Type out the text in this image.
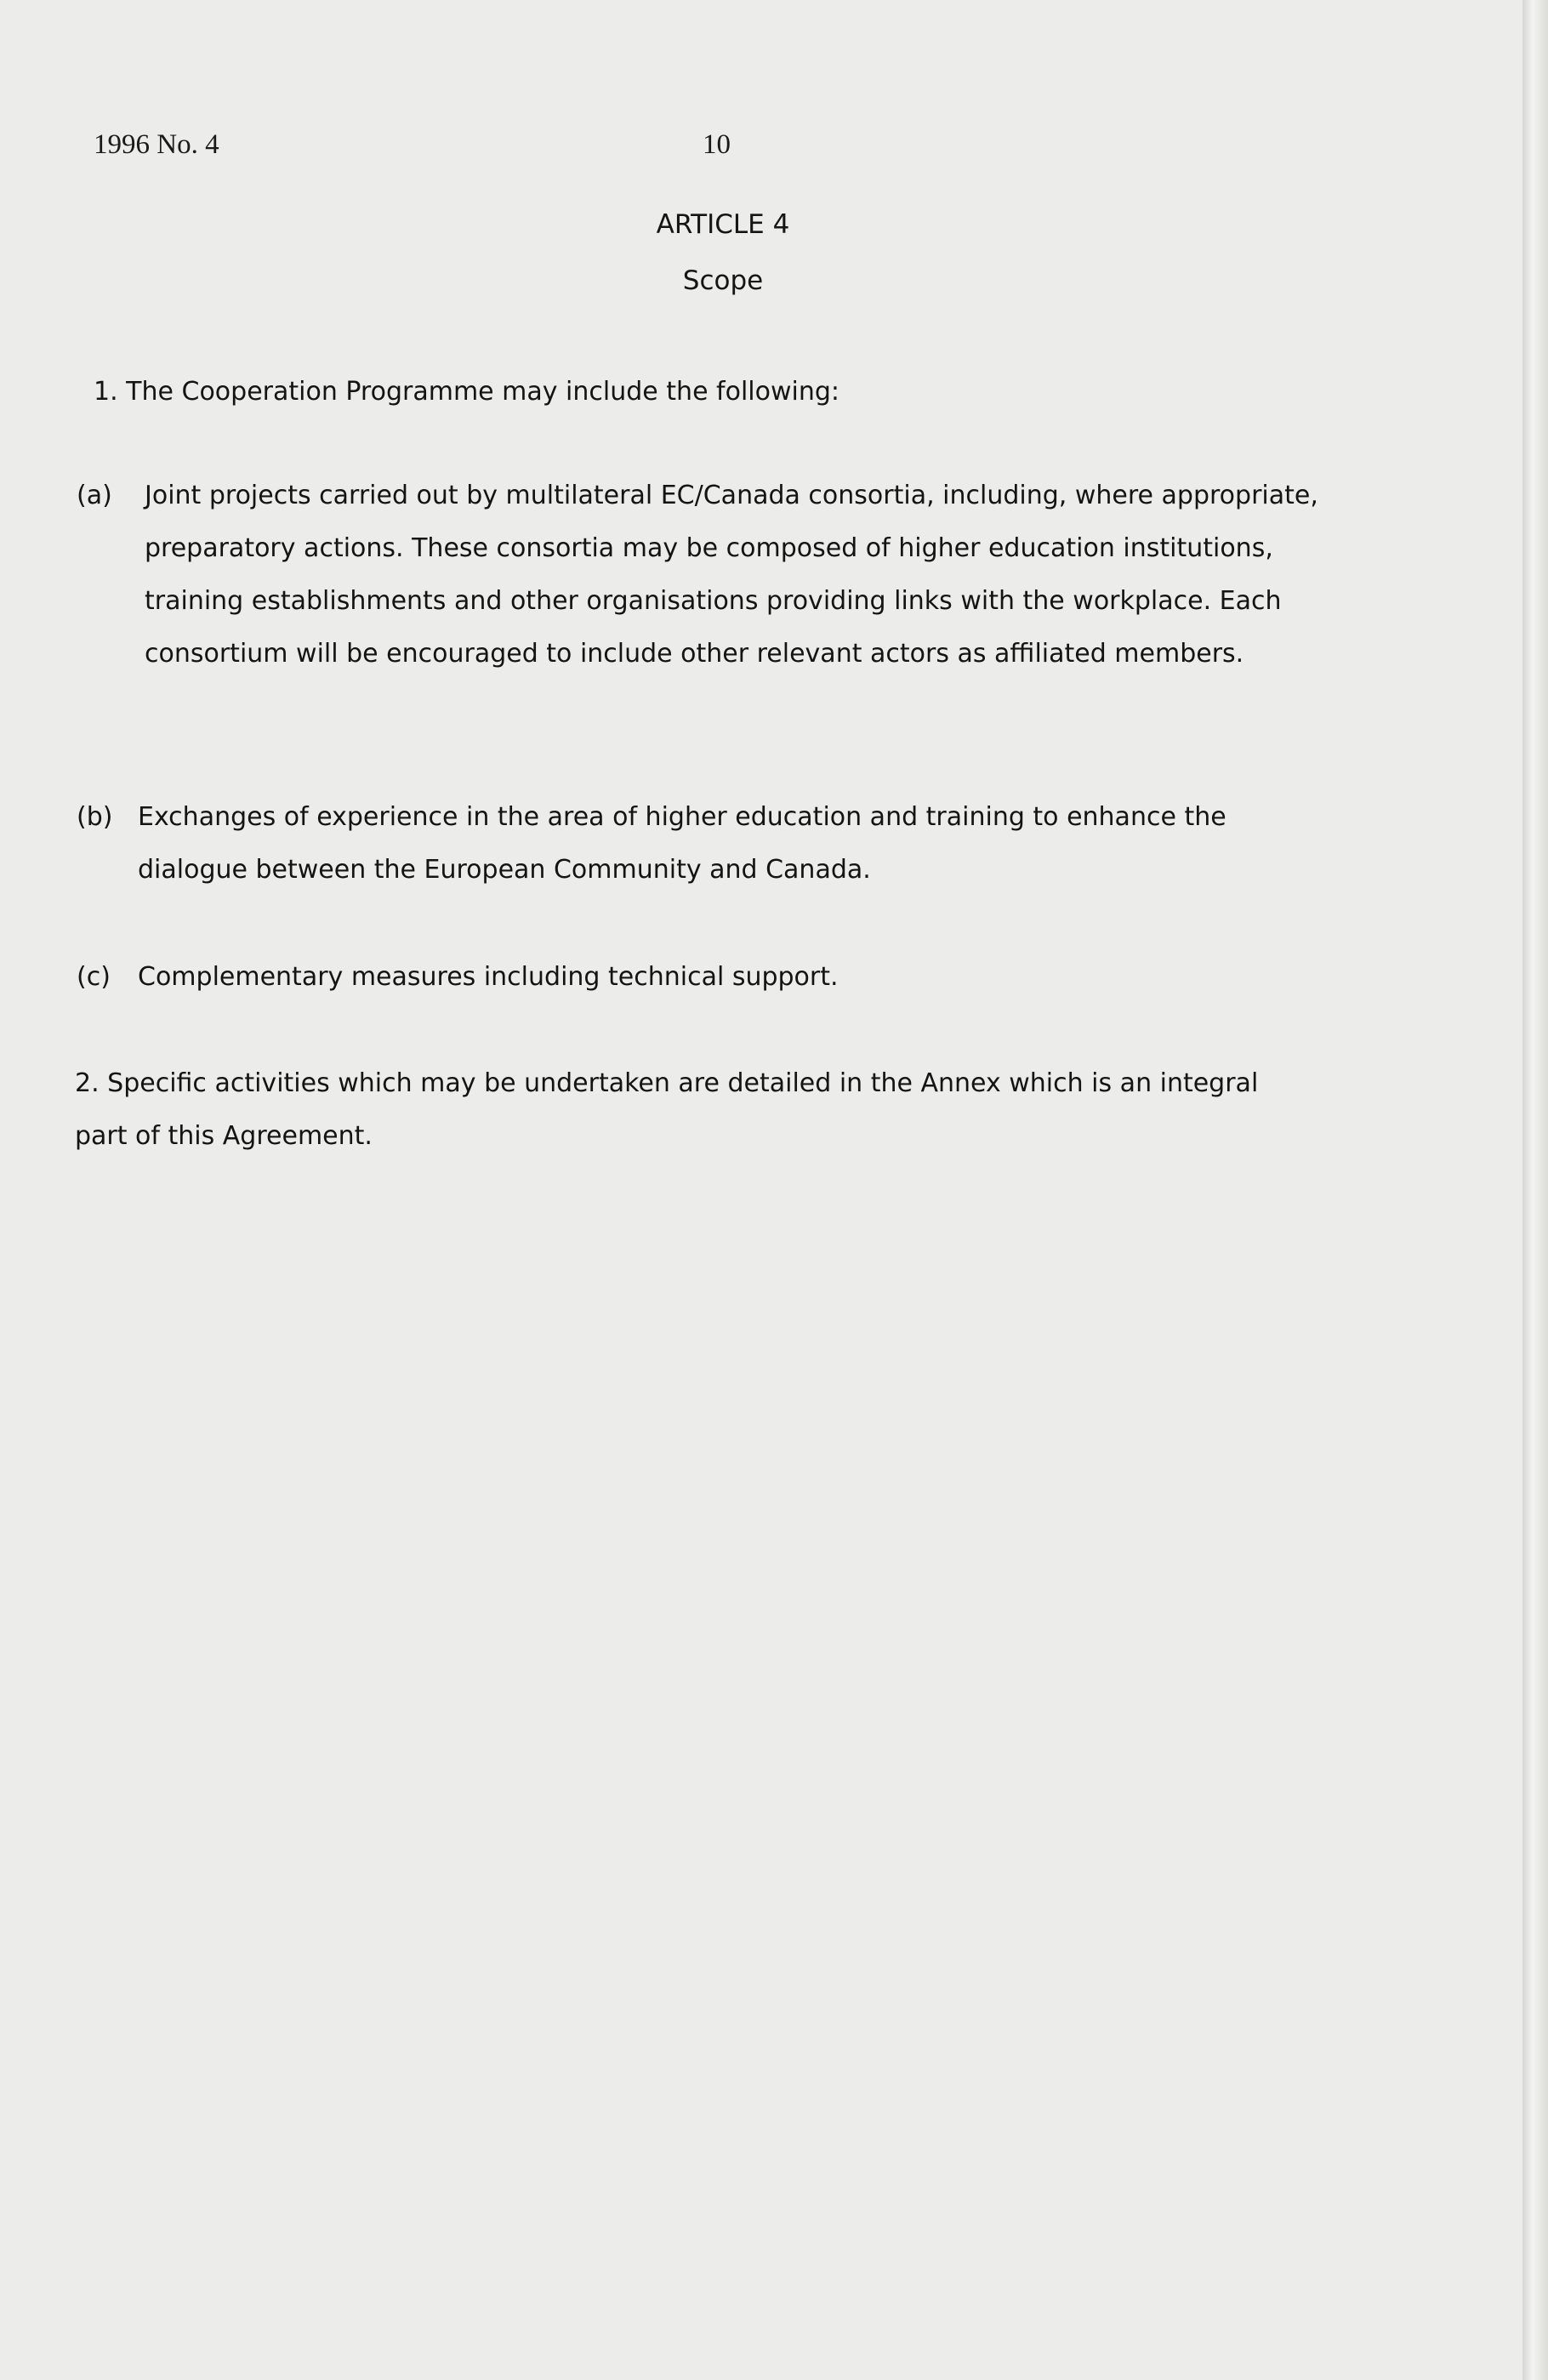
1996 No. 4	10
ARTICLE 4
Scope
1. The Cooperation Programme may include the following:
(a) Joint projects carried out by multilateral EC/Canada consortia, including, where appropriate, preparatory actions. These consortia may be composed of higher education institutions, training establishments and other organisations providing links with the workplace. Each consortium will be encouraged to include other relevant actors as affiliated members.
(b) Exchanges of experience in the area of higher education and training to enhance the dialogue between the European Community and Canada.
(c) Complementary measures including technical support.
2. Specific activities which may be undertaken are detailed in the Annex which is an integral part of this Agreement.
